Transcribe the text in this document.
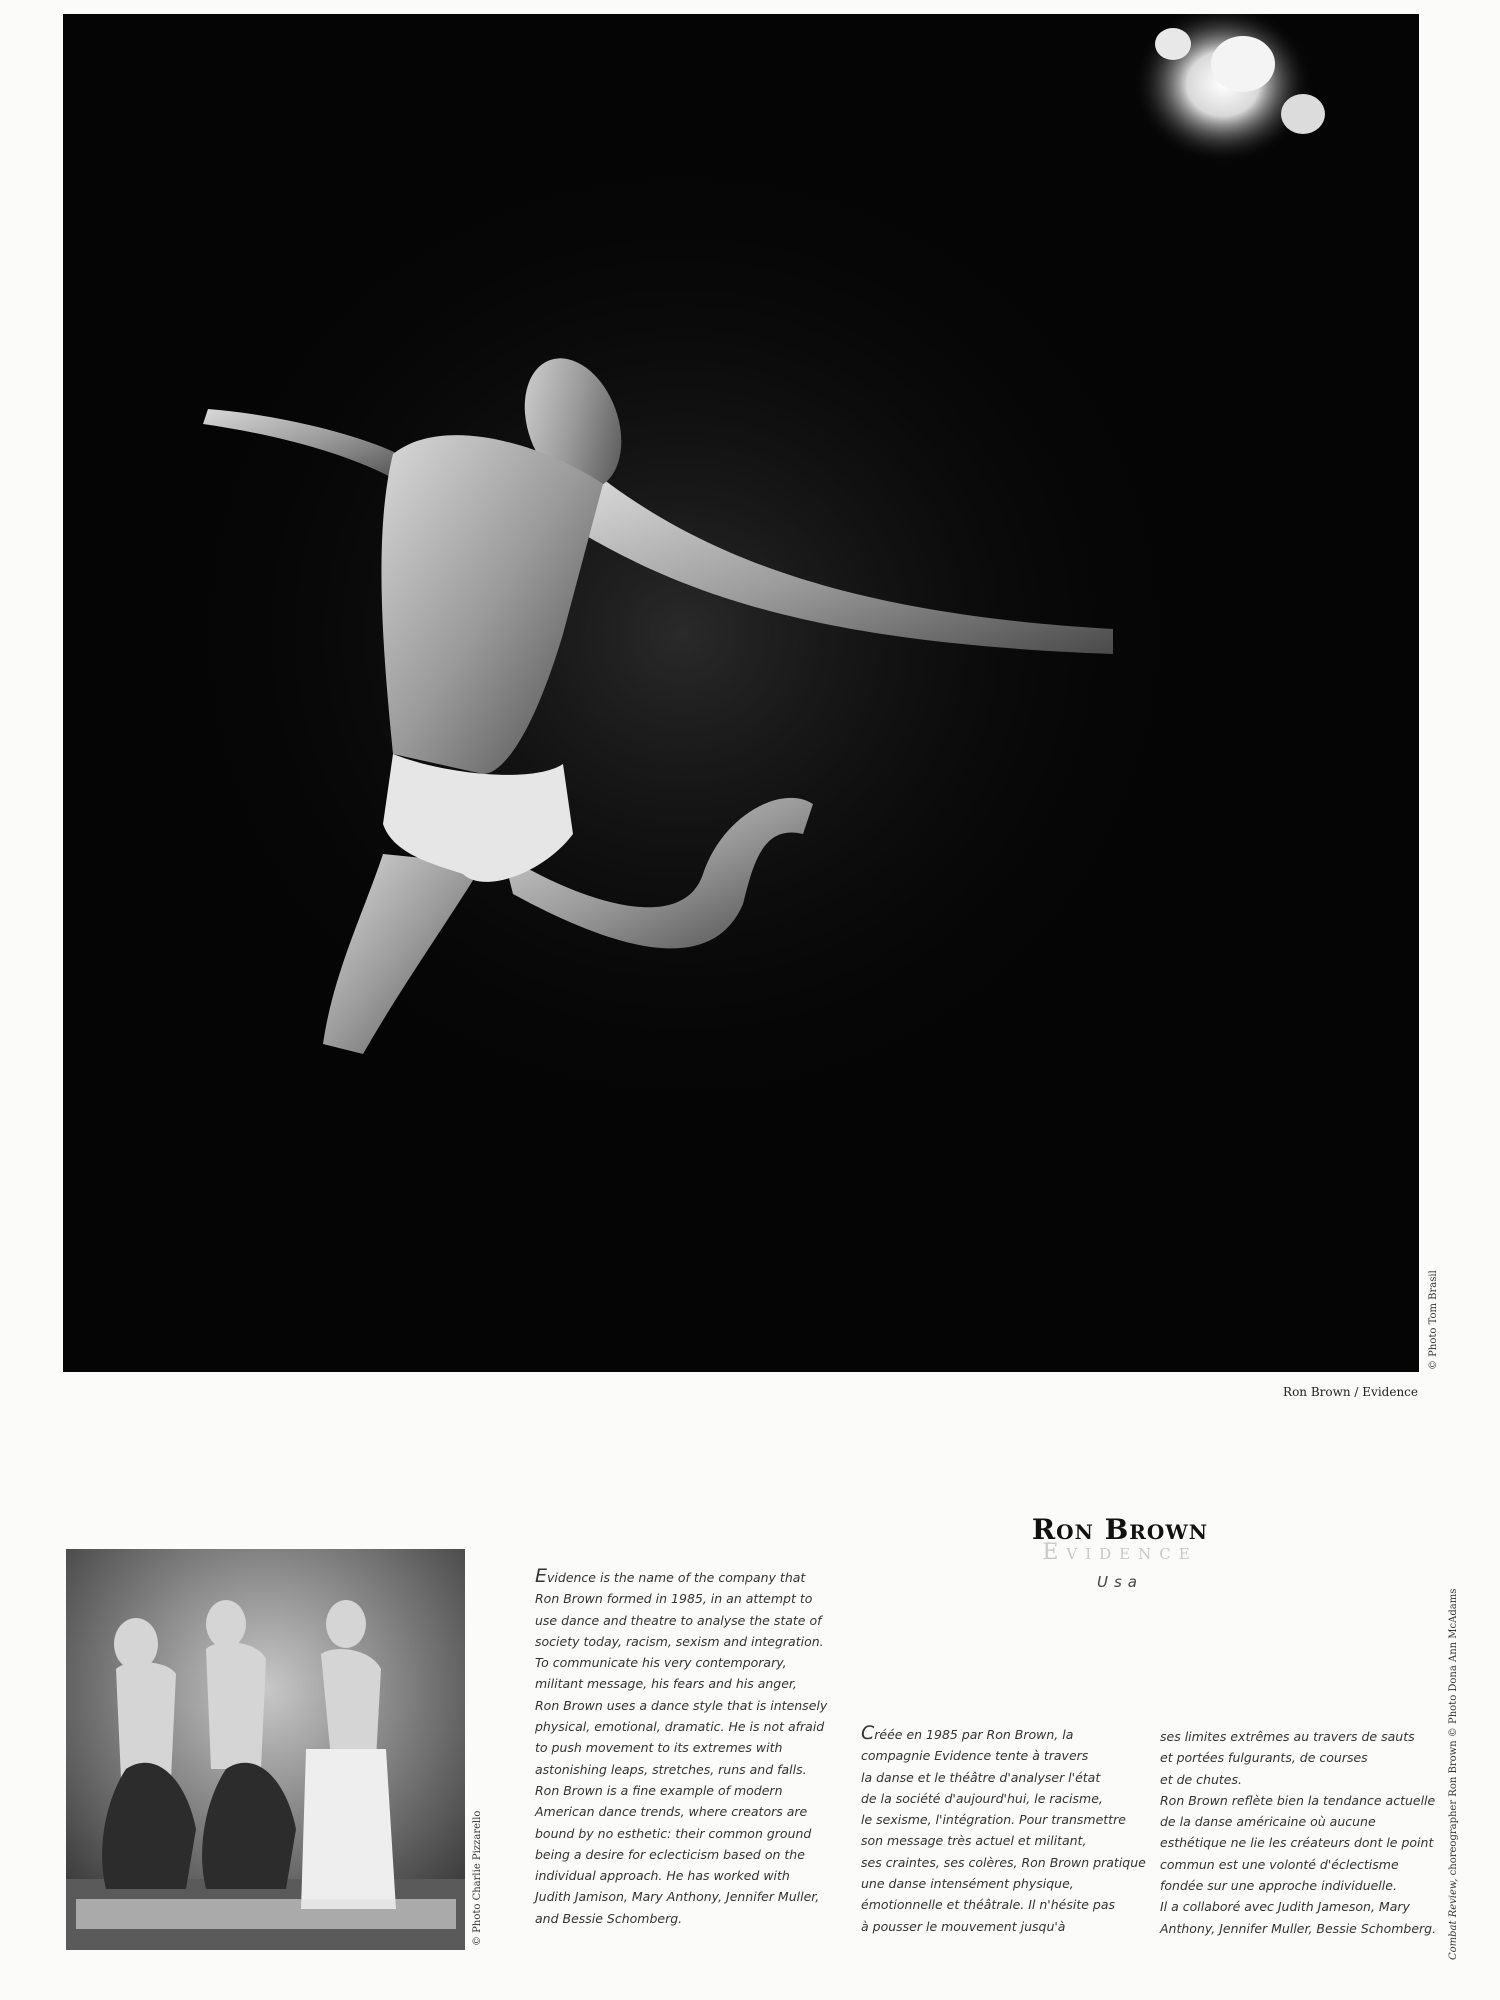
© Photo Tom Brasil
Ron Brown / Evidence
© Photo Charlie Pizzarello	Combat Review, choreographer Ron Brown © Photo Dona Ann McAdams
Ron Brown
Evidence
Usa
Evidence is the name of the company that
Ron Brown formed in 1985, in an attempt to
use dance and theatre to analyse the state of
society today, racism, sexism and integration.
To communicate his very contemporary,
militant message, his fears and his anger,
Ron Brown uses a dance style that is intensely
physical, emotional, dramatic. He is not afraid
to push movement to its extremes with
astonishing leaps, stretches, runs and falls.
Ron Brown is a fine example of modern
American dance trends, where creators are
bound by no esthetic: their common ground
being a desire for eclecticism based on the
individual approach. He has worked with
Judith Jamison, Mary Anthony, Jennifer Muller,
and Bessie Schomberg.
Créée en 1985 par Ron Brown, la
compagnie Evidence tente à travers
la danse et le théâtre d'analyser l'état
de la société d'aujourd'hui, le racisme,
le sexisme, l'intégration. Pour transmettre
son message très actuel et militant,
ses craintes, ses colères, Ron Brown pratique
une danse intensément physique,
émotionnelle et théâtrale. Il n'hésite pas
à pousser le mouvement jusqu'à
ses limites extrêmes au travers de sauts
et portées fulgurants, de courses
et de chutes.
Ron Brown reflète bien la tendance actuelle
de la danse américaine où aucune
esthétique ne lie les créateurs dont le point
commun est une volonté d'éclectisme
fondée sur une approche individuelle.
Il a collaboré avec Judith Jameson, Mary
Anthony, Jennifer Muller, Bessie Schomberg.
